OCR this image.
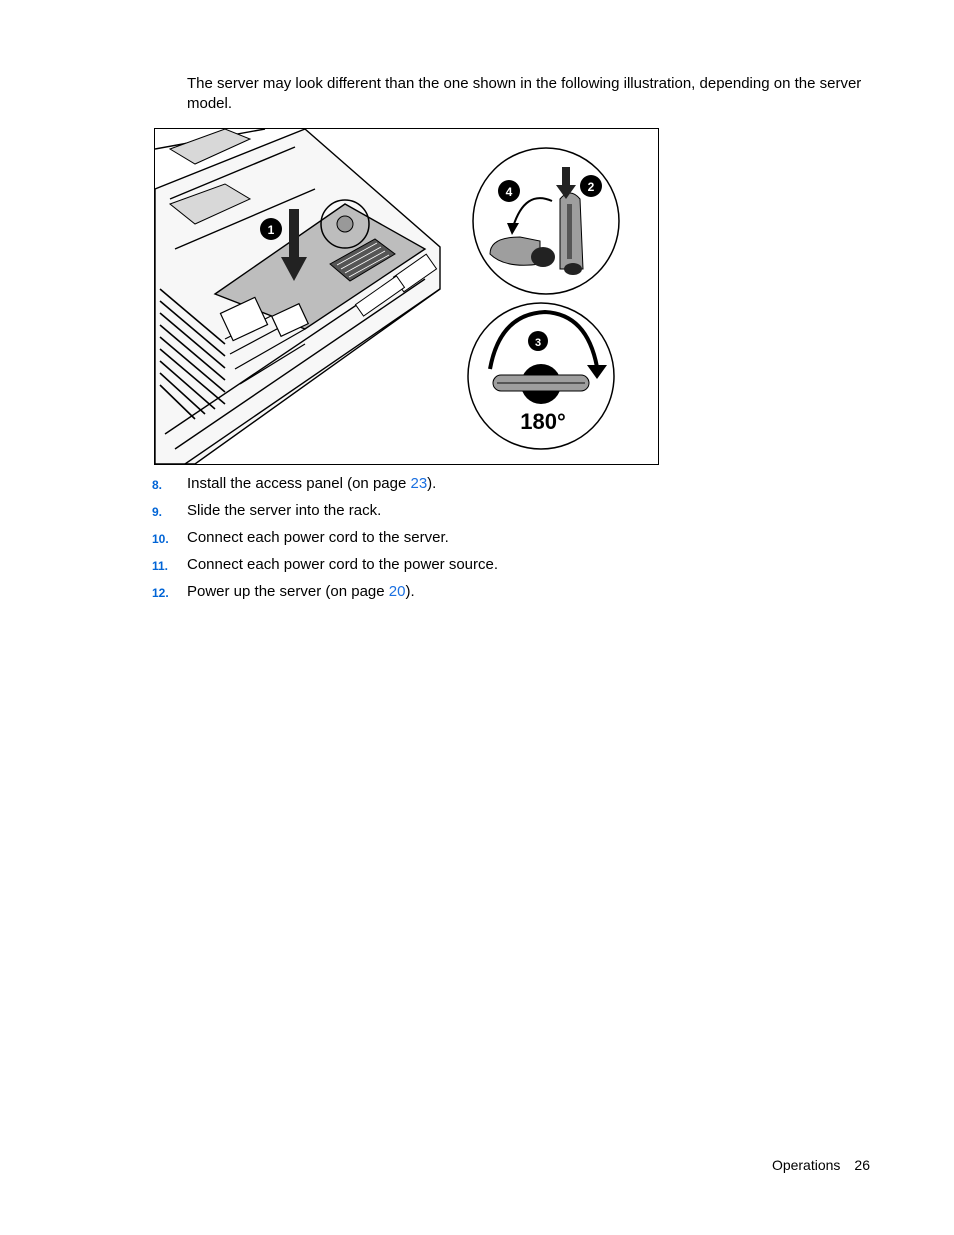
The server may look different than the one shown in the following illustration, depending on the server model.

1
4	2
3
180°
8.	Install the access panel (on page 23).
9.	Slide the server into the rack.
10.	Connect each power cord to the server.
11.	Connect each power cord to the power source.
12.	Power up the server (on page 20).
Operations 26
